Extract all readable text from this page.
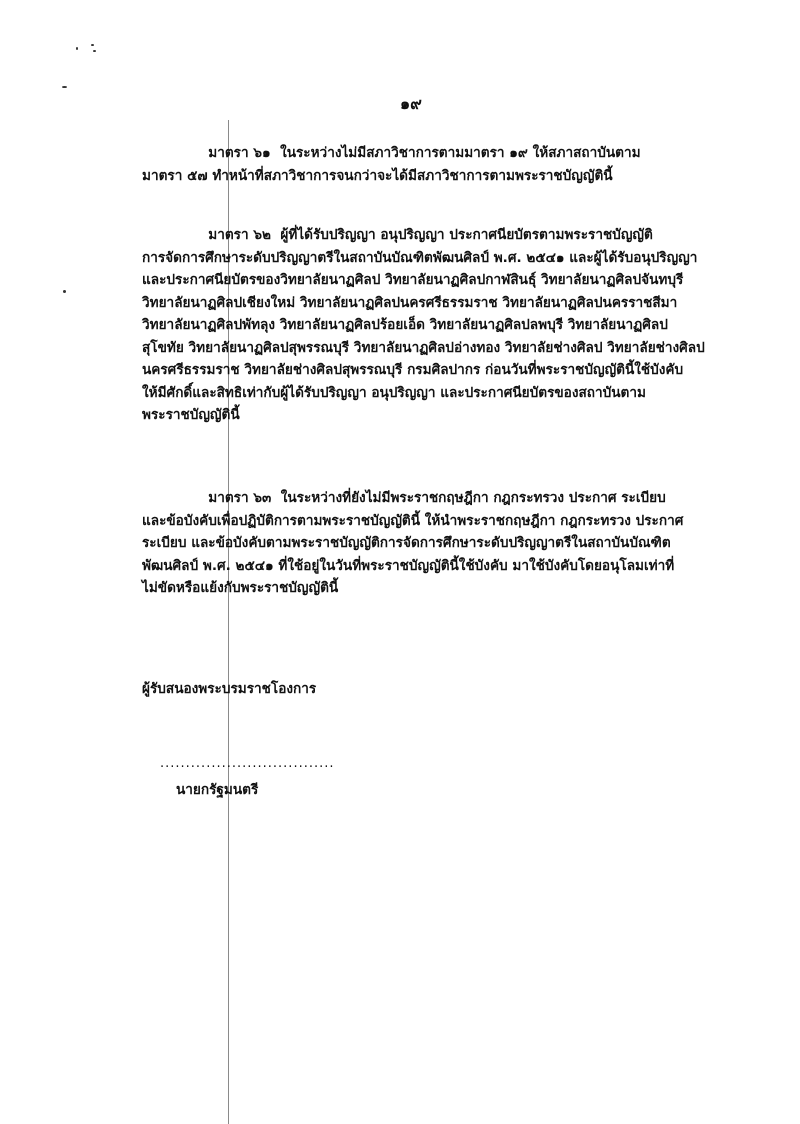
๑๙
มาตรา ๖๑  ในระหว่างไม่มีสภาวิชาการตามมาตรา ๑๙ ให้สภาสถาบันตาม
มาตรา ๕๗ ทำหน้าที่สภาวิชาการจนกว่าจะได้มีสภาวิชาการตามพระราชบัญญัตินี้
มาตรา ๖๒  ผู้ที่ได้รับปริญญา อนุปริญญา ประกาศนียบัตรตามพระราชบัญญัติ
การจัดการศึกษาระดับปริญญาตรีในสถาบันบัณฑิตพัฒนศิลป์ พ.ศ. ๒๕๔๑ และผู้ได้รับอนุปริญญา
และประกาศนียบัตรของวิทยาลัยนาฏศิลป วิทยาลัยนาฏศิลปกาฬสินธุ์ วิทยาลัยนาฏศิลปจันทบุรี
วิทยาลัยนาฏศิลปเชียงใหม่ วิทยาลัยนาฏศิลปนครศรีธรรมราช วิทยาลัยนาฏศิลปนครราชสีมา
วิทยาลัยนาฏศิลปพัทลุง วิทยาลัยนาฏศิลปร้อยเอ็ด วิทยาลัยนาฏศิลปลพบุรี วิทยาลัยนาฏศิลป
สุโขทัย วิทยาลัยนาฏศิลปสุพรรณบุรี วิทยาลัยนาฏศิลปอ่างทอง วิทยาลัยช่างศิลป วิทยาลัยช่างศิลป
นครศรีธรรมราช วิทยาลัยช่างศิลปสุพรรณบุรี กรมศิลปากร ก่อนวันที่พระราชบัญญัตินี้ใช้บังคับ
ให้มีศักดิ์และสิทธิเท่ากับผู้ได้รับปริญญา อนุปริญญา และประกาศนียบัตรของสถาบันตาม
พระราชบัญญัตินี้
มาตรา ๖๓  ในระหว่างที่ยังไม่มีพระราชกฤษฎีกา กฎกระทรวง ประกาศ ระเบียบ
และข้อบังคับเพื่อปฏิบัติการตามพระราชบัญญัตินี้ ให้นำพระราชกฤษฎีกา กฎกระทรวง ประกาศ
ระเบียบ และข้อบังคับตามพระราชบัญญัติการจัดการศึกษาระดับปริญญาตรีในสถาบันบัณฑิต
พัฒนศิลป์ พ.ศ. ๒๕๔๑ ที่ใช้อยู่ในวันที่พระราชบัญญัตินี้ใช้บังคับ มาใช้บังคับโดยอนุโลมเท่าที่
ไม่ขัดหรือแย้งกับพระราชบัญญัตินี้
ผู้รับสนองพระบรมราชโองการ
..................................
นายกรัฐมนตรี
